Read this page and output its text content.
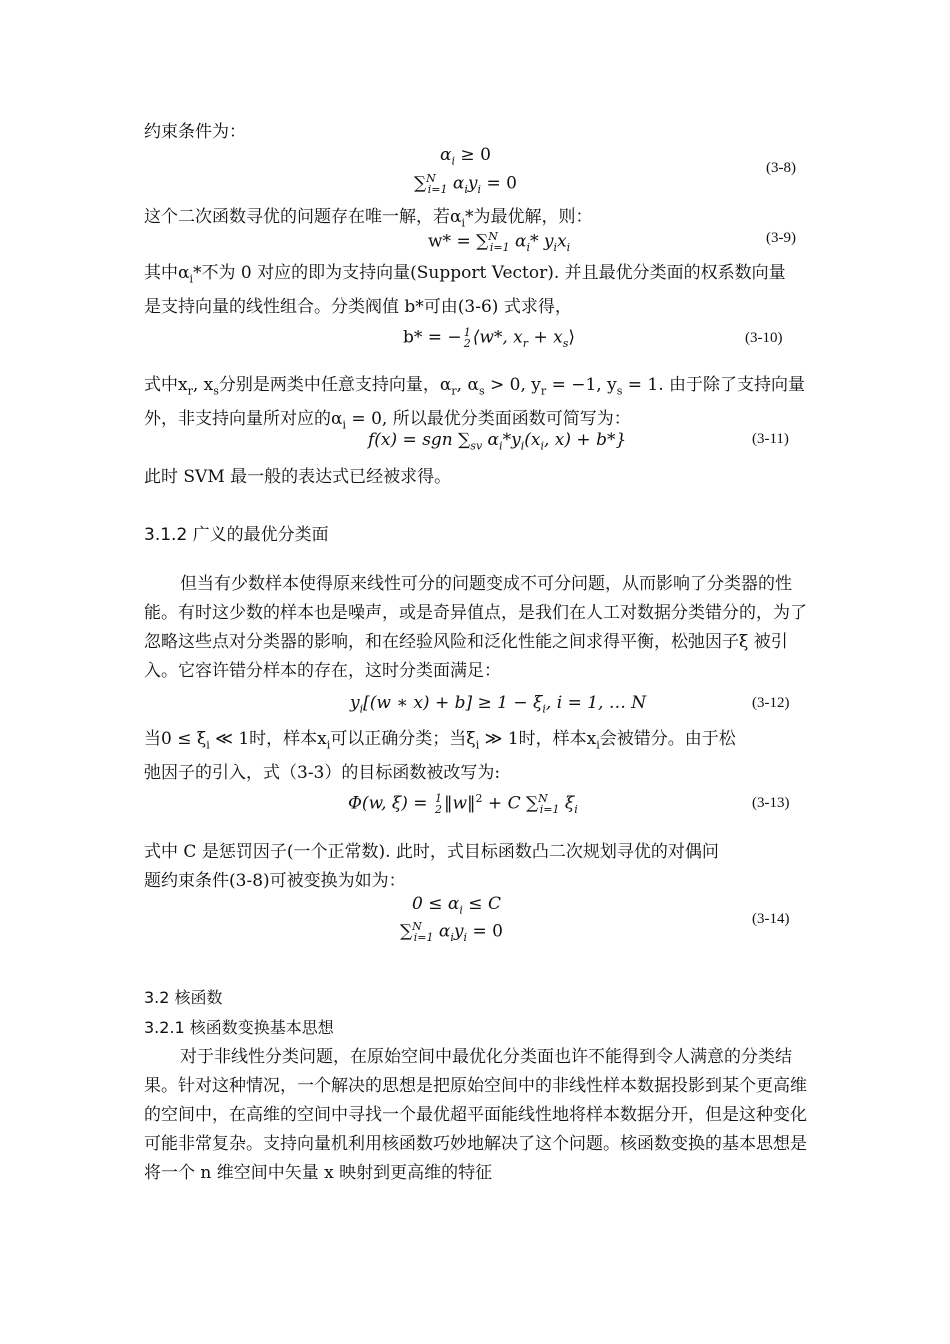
约束条件为：

$\alpha_i \ge 0$
∑$^N_{i=1}$ $\alpha_iy_i = 0$
(3-8)

这个二次函数寻优的问题存在唯一解，若$\alpha_i*$为最优解，则：

w* = ∑$^N_{i=1}$ $\alpha_i*$ $y_ix_i$
(3-9)

其中$\alpha_i*$不为 0 对应的即为支持向量(Support Vector). 并且最优分类面的权系数向量
是支持向量的线性组合。分类阀值 b*可由(3-6) 式求得，

b* = − 1
2 ⟨w*, $x_r$ + $x_s⟩$	(3-10)

式中$x_r$, $x_s$分别是两类中任意支持向量，$\alpha_r$, $\alpha_s > 0$, $y_r = -1$, $y_s = 1$. 由于除了支持向量
外，非支持向量所对应的$\alpha_i = 0$, 所以最优分类面函数可简写为：

f(x) = sgn $\sum_{sv}$ $\alpha_i*y_i(x_i$, x) + b*}	(3-11)

此时 SVM 最一般的表达式已经被求得。

3.1.2 广义的最优分类面

但当有少数样本使得原来线性可分的问题变成不可分问题，从而影响了分类器的性能。有时这少数的样本也是噪声，或是奇异值点，是我们在人工对数据分类错分的，为了忽略这些点对分类器的影响，和在经验风险和泛化性能之间求得平衡，松弛因子ξ 被引入。它容许错分样本的存在，这时分类面满足：

$y_i[(w$ ∗ $x) + b] \ge 1 - \xi_i$, i = 1, … N	(3-12)

当$0 \le \xi_i$ ≪ 1时，样本$x_i$可以正确分类；当$\xi_i$ ≫ 1时，样本$x_i$会被错分。由于松
弛因子的引入，式（3-3）的目标函数被改写为:

Φ(w, ξ) = 1
2 ‖w‖$^2$ + C ∑$^N_{i=1}$ $\xi_i$	(3-13)

式中 C 是惩罚因子(一个正常数). 此时，式目标函数凸二次规划寻优的对偶问
题约束条件(3-8)可被变换为如为：

$0 \le \alpha_i \le C$
∑$^N_{i=1}$ $\alpha_iy_i = 0$
(3-14)
3.2 核函数
3.2.1 核函数变换基本思想

对于非线性分类问题，在原始空间中最优化分类面也许不能得到令人满意的分类结果。针对这种情况，一个解决的思想是把原始空间中的非线性样本数据投影到某个更高维的空间中，在高维的空间中寻找一个最优超平面能线性地将样本数据分开，但是这种变化可能非常复杂。支持向量机利用核函数巧妙地解决了这个问题。核函数变换的基本思想是将一个 n 维空间中矢量 x 映射到更高维的特征
